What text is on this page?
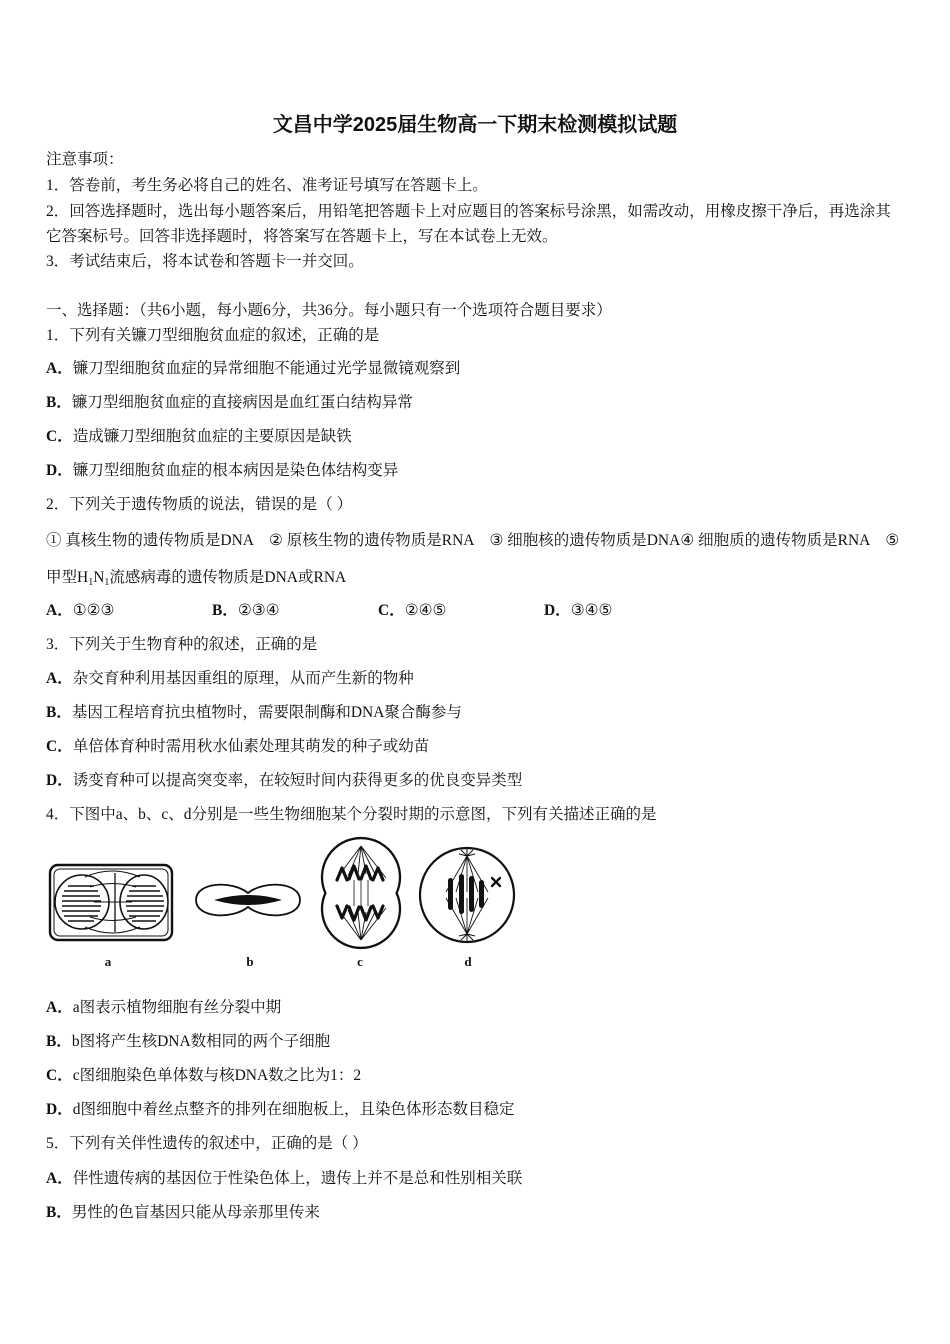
文昌中学2025届生物高一下期末检测模拟试题
注意事项：
1．答卷前，考生务必将自己的姓名、准考证号填写在答题卡上。
2．回答选择题时，选出每小题答案后，用铅笔把答题卡上对应题目的答案标号涂黑，如需改动，用橡皮擦干净后，再选涂其它答案标号。回答非选择题时，将答案写在答题卡上，写在本试卷上无效。
3．考试结束后，将本试卷和答题卡一并交回。
一、选择题：（共6小题，每小题6分，共36分。每小题只有一个选项符合题目要求）
1．下列有关镰刀型细胞贫血症的叙述，正确的是
A．镰刀型细胞贫血症的异常细胞不能通过光学显微镜观察到
B．镰刀型细胞贫血症的直接病因是血红蛋白结构异常
C．造成镰刀型细胞贫血症的主要原因是缺铁
D．镰刀型细胞贫血症的根本病因是染色体结构变异
2．下列关于遗传物质的说法，错误的是（ ）
① 真核生物的遗传物质是DNA ② 原核生物的遗传物质是RNA ③ 细胞核的遗传物质是DNA④ 细胞质的遗传物质是RNA ⑤ 甲型$H_1N_1$流感病毒的遗传物质是DNA或RNA
A．①②③	B．②③④	C．②④⑤	D．③④⑤
3．下列关于生物育种的叙述，正确的是
A．杂交育种利用基因重组的原理，从而产生新的物种
B．基因工程培育抗虫植物时，需要限制酶和DNA聚合酶参与
C．单倍体育种时需用秋水仙素处理其萌发的种子或幼苗
D．诱变育种可以提高突变率，在较短时间内获得更多的优良变异类型
4．下图中a、b、c、d分别是一些生物细胞某个分裂时期的示意图，下列有关描述正确的是
a	b	c	d
A．a图表示植物细胞有丝分裂中期
B．b图将产生核DNA数相同的两个子细胞
C．c图细胞染色单体数与核DNA数之比为1：2
D．d图细胞中着丝点整齐的排列在细胞板上，且染色体形态数目稳定
5．下列有关伴性遗传的叙述中，正确的是（ ）
A．伴性遗传病的基因位于性染色体上，遗传上并不是总和性别相关联
B．男性的色盲基因只能从母亲那里传来
